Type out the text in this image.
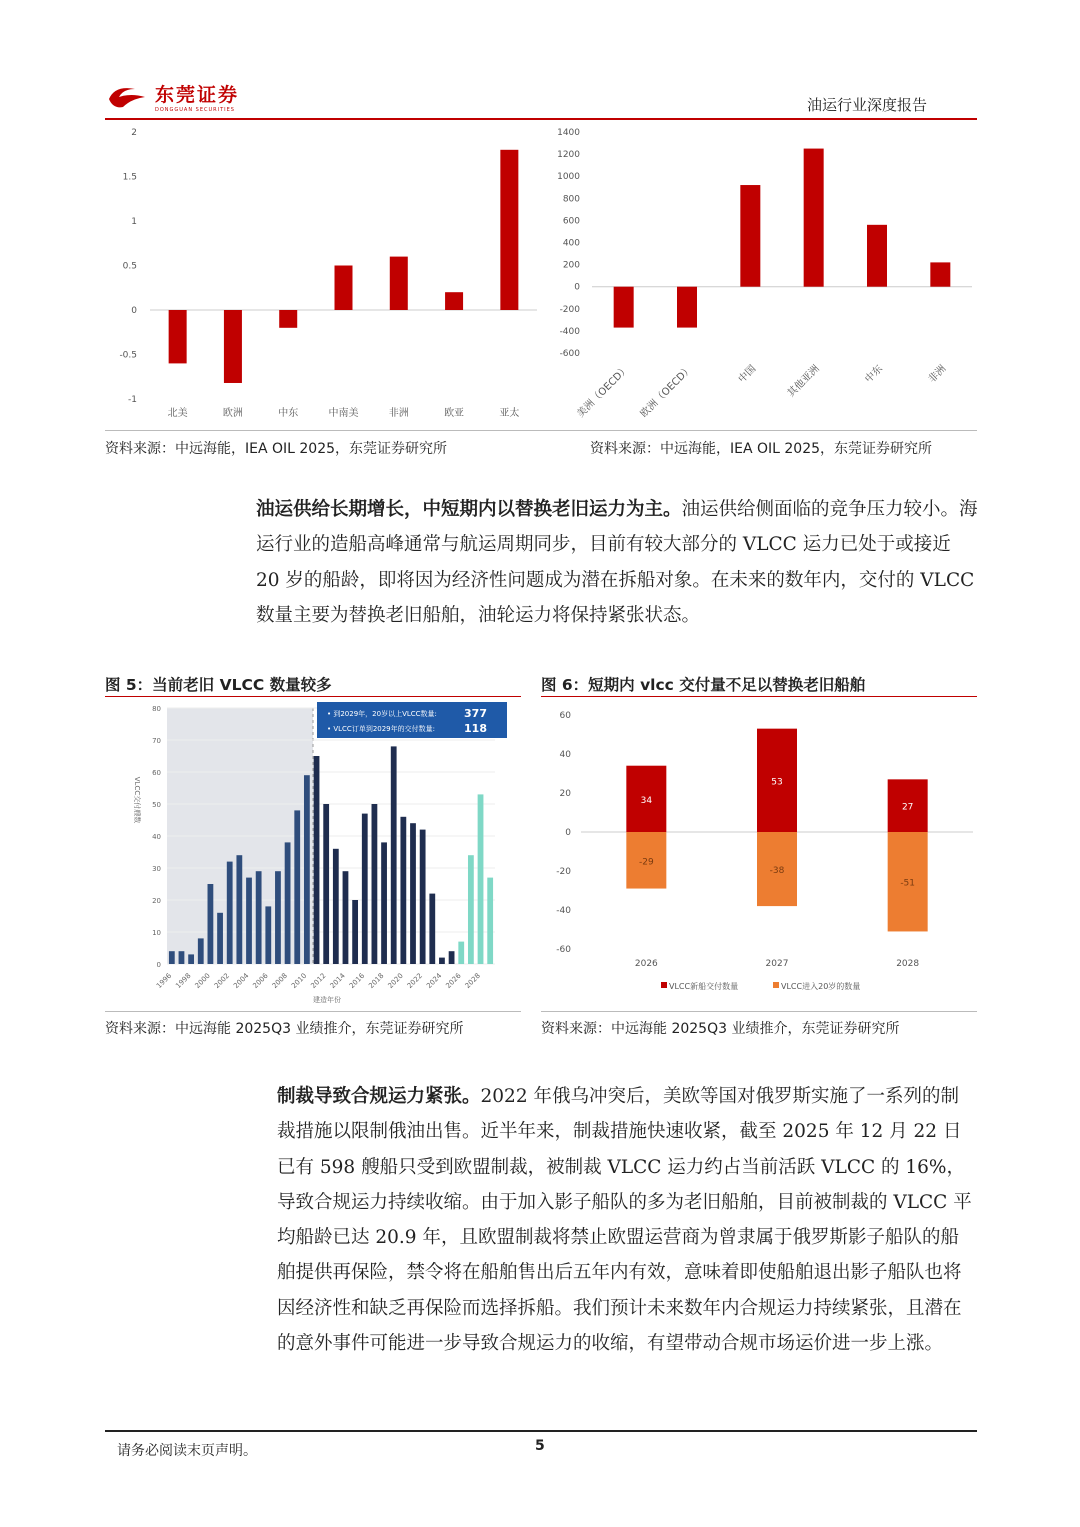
东莞证券
DONGGUAN SECURITIES	油运行业深度报告
2
1.5
1
0.5
0
-0.5
-1
北美	欧洲	中东	中南美	非洲	欧亚	亚太
1400
1200
1000
800
600
400
200
0
-200
-400
-600
美洲（OECD） 欧洲（OECD）	中国	其他亚洲	中东	非洲
资料来源：中远海能，IEA OIL 2025，东莞证券研究所	资料来源：中远海能，IEA OIL 2025，东莞证券研究所
油运供给长期增长，中短期内以替换老旧运力为主。油运供给侧面临的竞争压力较小。海运行业的造船高峰通常与航运周期同步，目前有较大部分的 VLCC 运力已处于或接近 20 岁的船龄，即将因为经济性问题成为潜在拆船对象。在未来的数年内，交付的 VLCC 数量主要为替换老旧船舶，油轮运力将保持紧张状态。
图 5：当前老旧 VLCC 数量较多	图 6：短期内 vlcc 交付量不足以替换老旧船舶
80
70
60
50
40
30
20
10
0
VLCC交付艘数
1996 1998 2000 2002 2004 2006 2008 2010 2012 2014 2016 2018 2020 2022 2024 2026 2028
建造年份
• 到2029年，20岁以上VLCC数量: 377
• VLCC订单到2029年的交付数量:	118
60
40
20
0
-20
-40
-60
34
-29
2026
53
-38
2027
27
-51
2028
VLCC新船交付数量	VLCC进入20岁的数量
资料来源：中远海能 2025Q3 业绩推介，东莞证券研究所	资料来源：中远海能 2025Q3 业绩推介，东莞证券研究所
制裁导致合规运力紧张。2022 年俄乌冲突后，美欧等国对俄罗斯实施了一系列的制裁措施以限制俄油出售。近半年来，制裁措施快速收紧，截至 2025 年 12 月 22 日已有 598 艘船只受到欧盟制裁，被制裁 VLCC 运力约占当前活跃 VLCC 的 16%，导致合规运力持续收缩。由于加入影子船队的多为老旧船舶，目前被制裁的 VLCC 平均船龄已达 20.9 年，且欧盟制裁将禁止欧盟运营商为曾隶属于俄罗斯影子船队的船舶提供再保险，禁令将在船舶售出后五年内有效，意味着即使船舶退出影子船队也将因经济性和缺乏再保险而选择拆船。我们预计未来数年内合规运力持续紧张，且潜在的意外事件可能进一步导致合规运力的收缩，有望带动合规市场运价进一步上涨。
请务必阅读末页声明。	5
